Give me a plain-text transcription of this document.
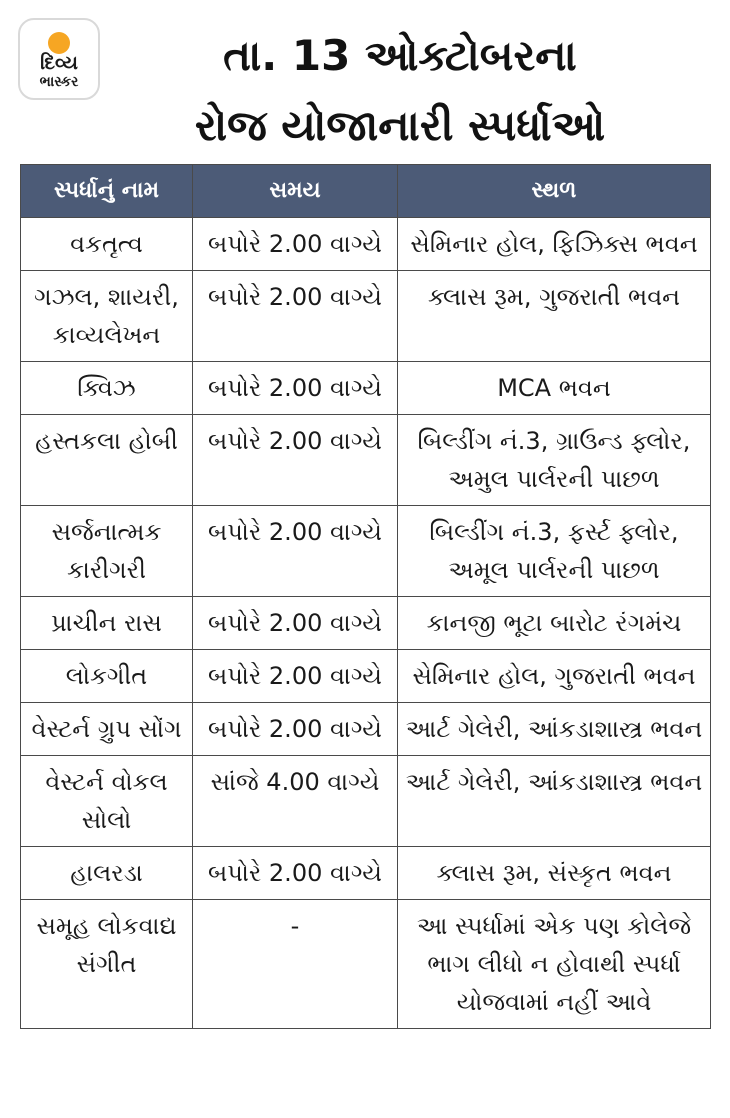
દિવ્ય
ભાસ્કર
તા. 13 ઓક્ટોબરના
રોજ યોજાનારી સ્પર્ધાઓ
સ્પર્ધાનું નામ	સમય	સ્થળ
વકતૃત્વ	બપોરે 2.00 વાગ્યે	સેમિનાર હોલ, ફિઝિક્સ ભવન
ગઝલ, શાયરી, કાવ્યલેખન	બપોરે 2.00 વાગ્યે	ક્લાસ રૂમ, ગુજરાતી ભવન
ક્વિઝ	બપોરે 2.00 વાગ્યે	MCA ભવન
હસ્તકલા હોબી	બપોરે 2.00 વાગ્યે	બિલ્ડીંગ નં.3, ગ્રાઉન્ડ ફ્લોર, અમુલ પાર્લરની પાછળ
સર્જનાત્મક કારીગરી	બપોરે 2.00 વાગ્યે	બિલ્ડીંગ નં.3, ફર્સ્ટ ફ્લોર, અમૂલ પાર્લરની પાછળ
પ્રાચીન રાસ	બપોરે 2.00 વાગ્યે	કાનજી ભૂટા બારોટ રંગમંચ
લોકગીત	બપોરે 2.00 વાગ્યે	સેમિનાર હોલ, ગુજરાતી ભવન
વેસ્ટર્ન ગ્રુપ સોંગ	બપોરે 2.00 વાગ્યે	આર્ટ ગેલેરી, આંકડાશાસ્ત્ર ભવન
વેસ્ટર્ન વોકલ સોલો	સાંજે 4.00 વાગ્યે	આર્ટ ગેલેરી, આંકડાશાસ્ત્ર ભવન
હાલરડા	બપોરે 2.00 વાગ્યે	ક્લાસ રૂમ, સંસ્કૃત ભવન
સમૂહ લોકવાદ્ય સંગીત	-	આ સ્પર્ધામાં એક પણ કોલેજે ભાગ લીધો ન હોવાથી સ્પર્ધા યોજવામાં નહીં આવે
